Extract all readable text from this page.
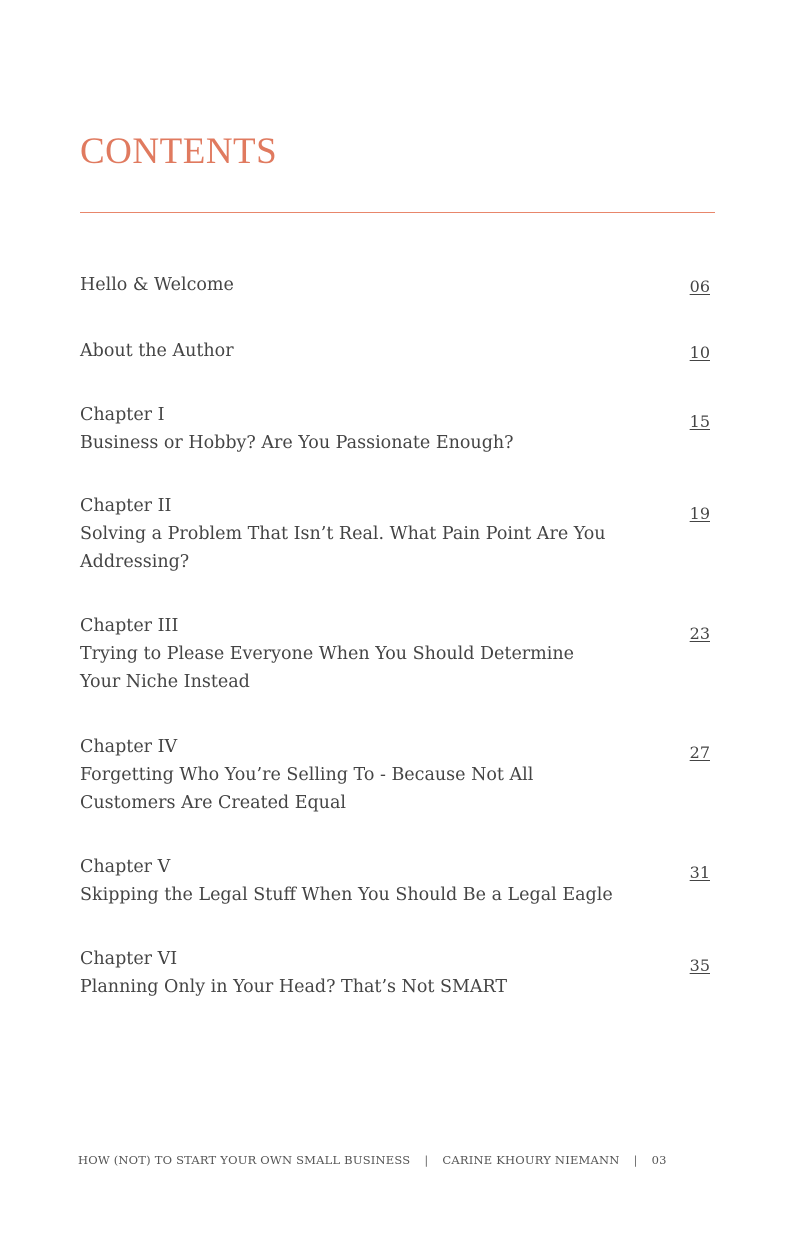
CONTENTS
Hello & Welcome	06
About the Author	10
Chapter I
Business or Hobby? Are You Passionate Enough?
15
Chapter II
Solving a Problem That Isn’t Real. What Pain Point Are You
Addressing?
19
Chapter III
Trying to Please Everyone When You Should Determine
Your Niche Instead
23
Chapter IV
Forgetting Who You’re Selling To - Because Not All
Customers Are Created Equal
27
Chapter V
Skipping the Legal Stuff When You Should Be a Legal Eagle
31
Chapter VI
Planning Only in Your Head? That’s Not SMART
35
HOW (NOT) TO START YOUR OWN SMALL BUSINESS | CARINE KHOURY NIEMANN | 03
